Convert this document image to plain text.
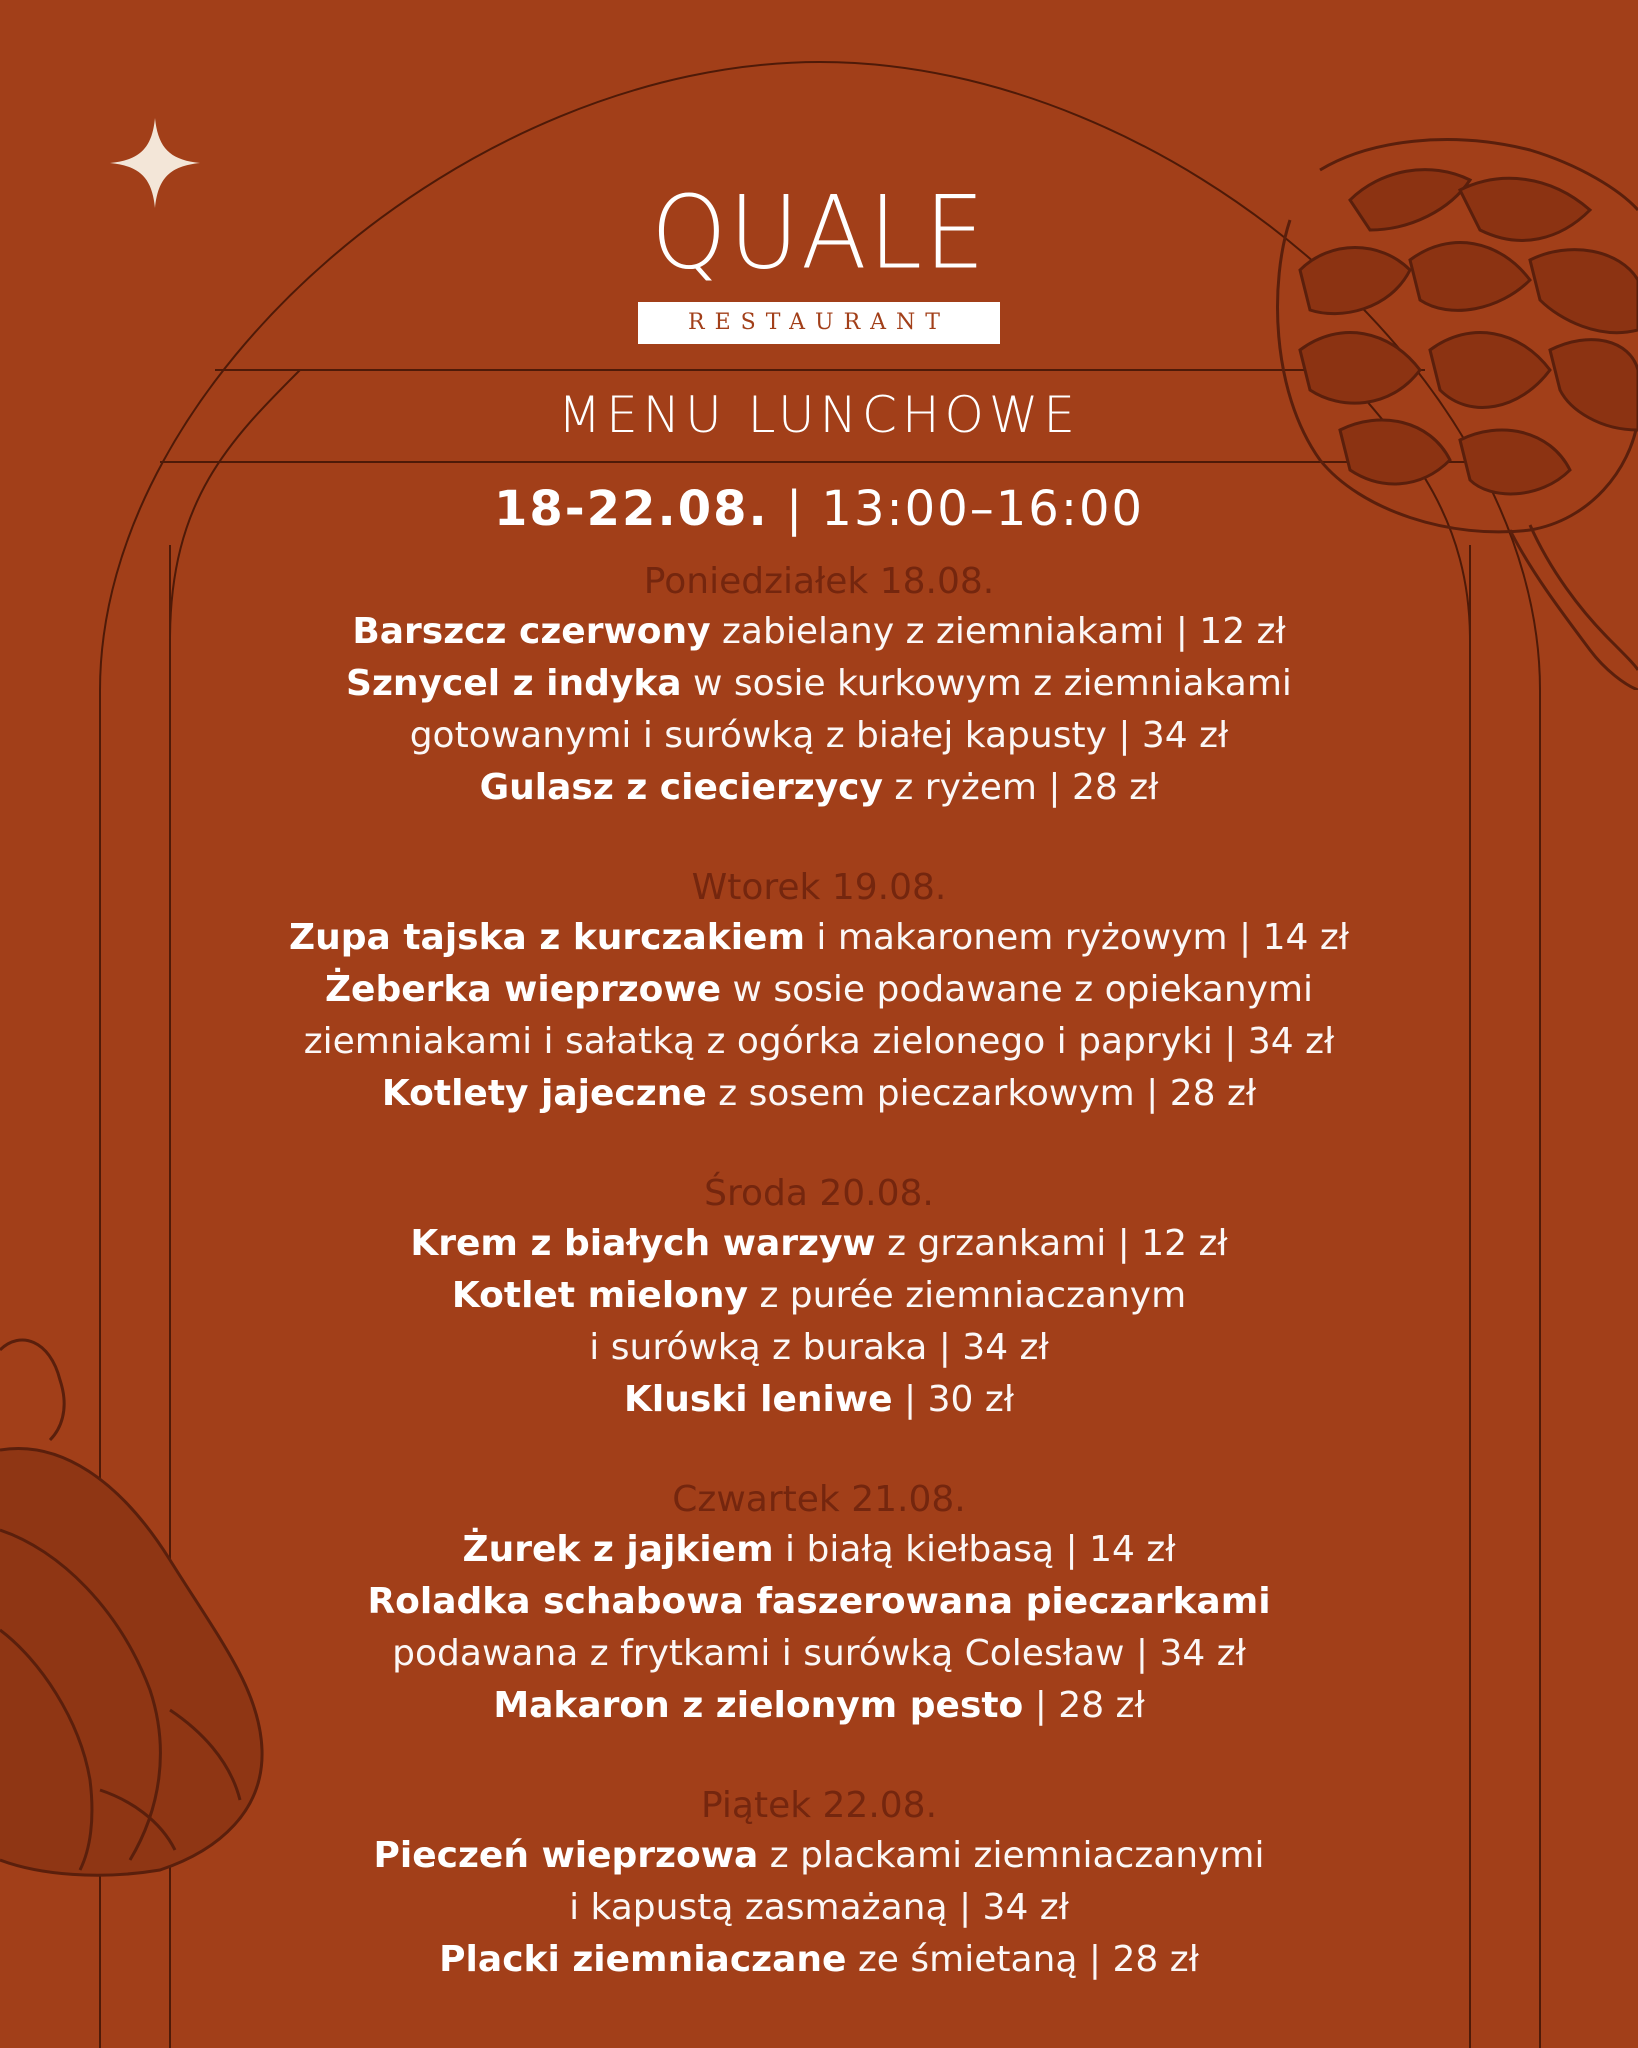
QUALE
RESTAURANT
MENU LUNCHOWE
18-22.08. | 13:00–16:00
Poniedziałek 18.08.
Barszcz czerwony zabielany z ziemniakami | 12 zł
Sznycel z indyka w sosie kurkowym z ziemniakami
gotowanymi i surówką z białej kapusty | 34 zł
Gulasz z ciecierzycy z ryżem | 28 zł
Wtorek 19.08.
Zupa tajska z kurczakiem i makaronem ryżowym | 14 zł
Żeberka wieprzowe w sosie podawane z opiekanymi
ziemniakami i sałatką z ogórka zielonego i papryki | 34 zł
Kotlety jajeczne z sosem pieczarkowym | 28 zł
Środa 20.08.
Krem z białych warzyw z grzankami | 12 zł
Kotlet mielony z purée ziemniaczanym
i surówką z buraka | 34 zł
Kluski leniwe | 30 zł
Czwartek 21.08.
Żurek z jajkiem i białą kiełbasą | 14 zł
Roladka schabowa faszerowana pieczarkami
podawana z frytkami i surówką Colesław | 34 zł
Makaron z zielonym pesto | 28 zł
Piątek 22.08.
Pieczeń wieprzowa z plackami ziemniaczanymi
i kapustą zasmażaną | 34 zł
Placki ziemniaczane ze śmietaną | 28 zł
